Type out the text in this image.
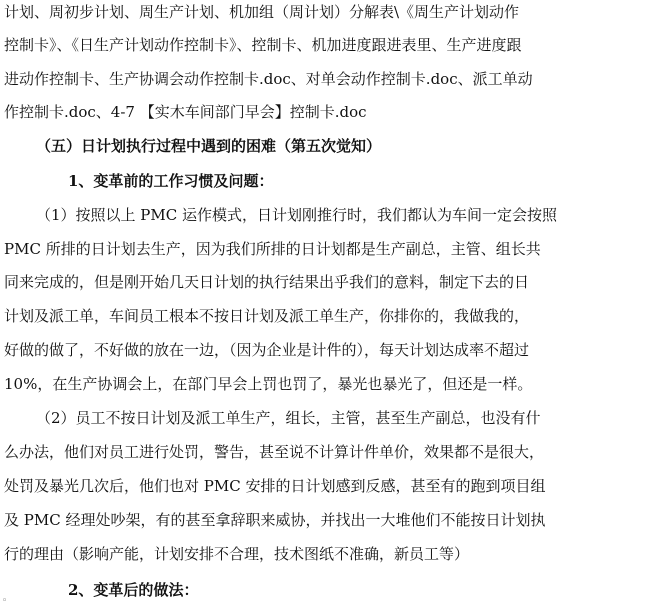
计划、周初步计划、周生产计划、机加组（周计划）分解表\《周生产计划动作
控制卡》、《日生产计划动作控制卡》、控制卡、机加进度跟进表里、生产进度跟
进动作控制卡、生产协调会动作控制卡.doc、对单会动作控制卡.doc、派工单动
作控制卡.doc、4-7 【实木车间部门早会】控制卡.doc
（五）日计划执行过程中遇到的困难（第五次觉知）
1、变革前的工作习惯及问题：
（1）按照以上 PMC 运作模式，日计划刚推行时，我们都认为车间一定会按照
PMC 所排的日计划去生产，因为我们所排的日计划都是生产副总，主管、组长共
同来完成的，但是刚开始几天日计划的执行结果出乎我们的意料，制定下去的日
计划及派工单，车间员工根本不按日计划及派工单生产，你排你的，我做我的，
好做的做了，不好做的放在一边，（因为企业是计件的），每天计划达成率不超过
10%，在生产协调会上，在部门早会上罚也罚了，暴光也暴光了，但还是一样。
（2）员工不按日计划及派工单生产，组长，主管，甚至生产副总，也没有什
么办法，他们对员工进行处罚，警告，甚至说不计算计件单价，效果都不是很大，
处罚及暴光几次后，他们也对 PMC 安排的日计划感到反感，甚至有的跑到项目组
及 PMC 经理处吵架，有的甚至拿辞职来威协，并找出一大堆他们不能按日计划执
行的理由（影响产能，计划安排不合理，技术图纸不准确，新员工等）
2、变革后的做法：
◦
